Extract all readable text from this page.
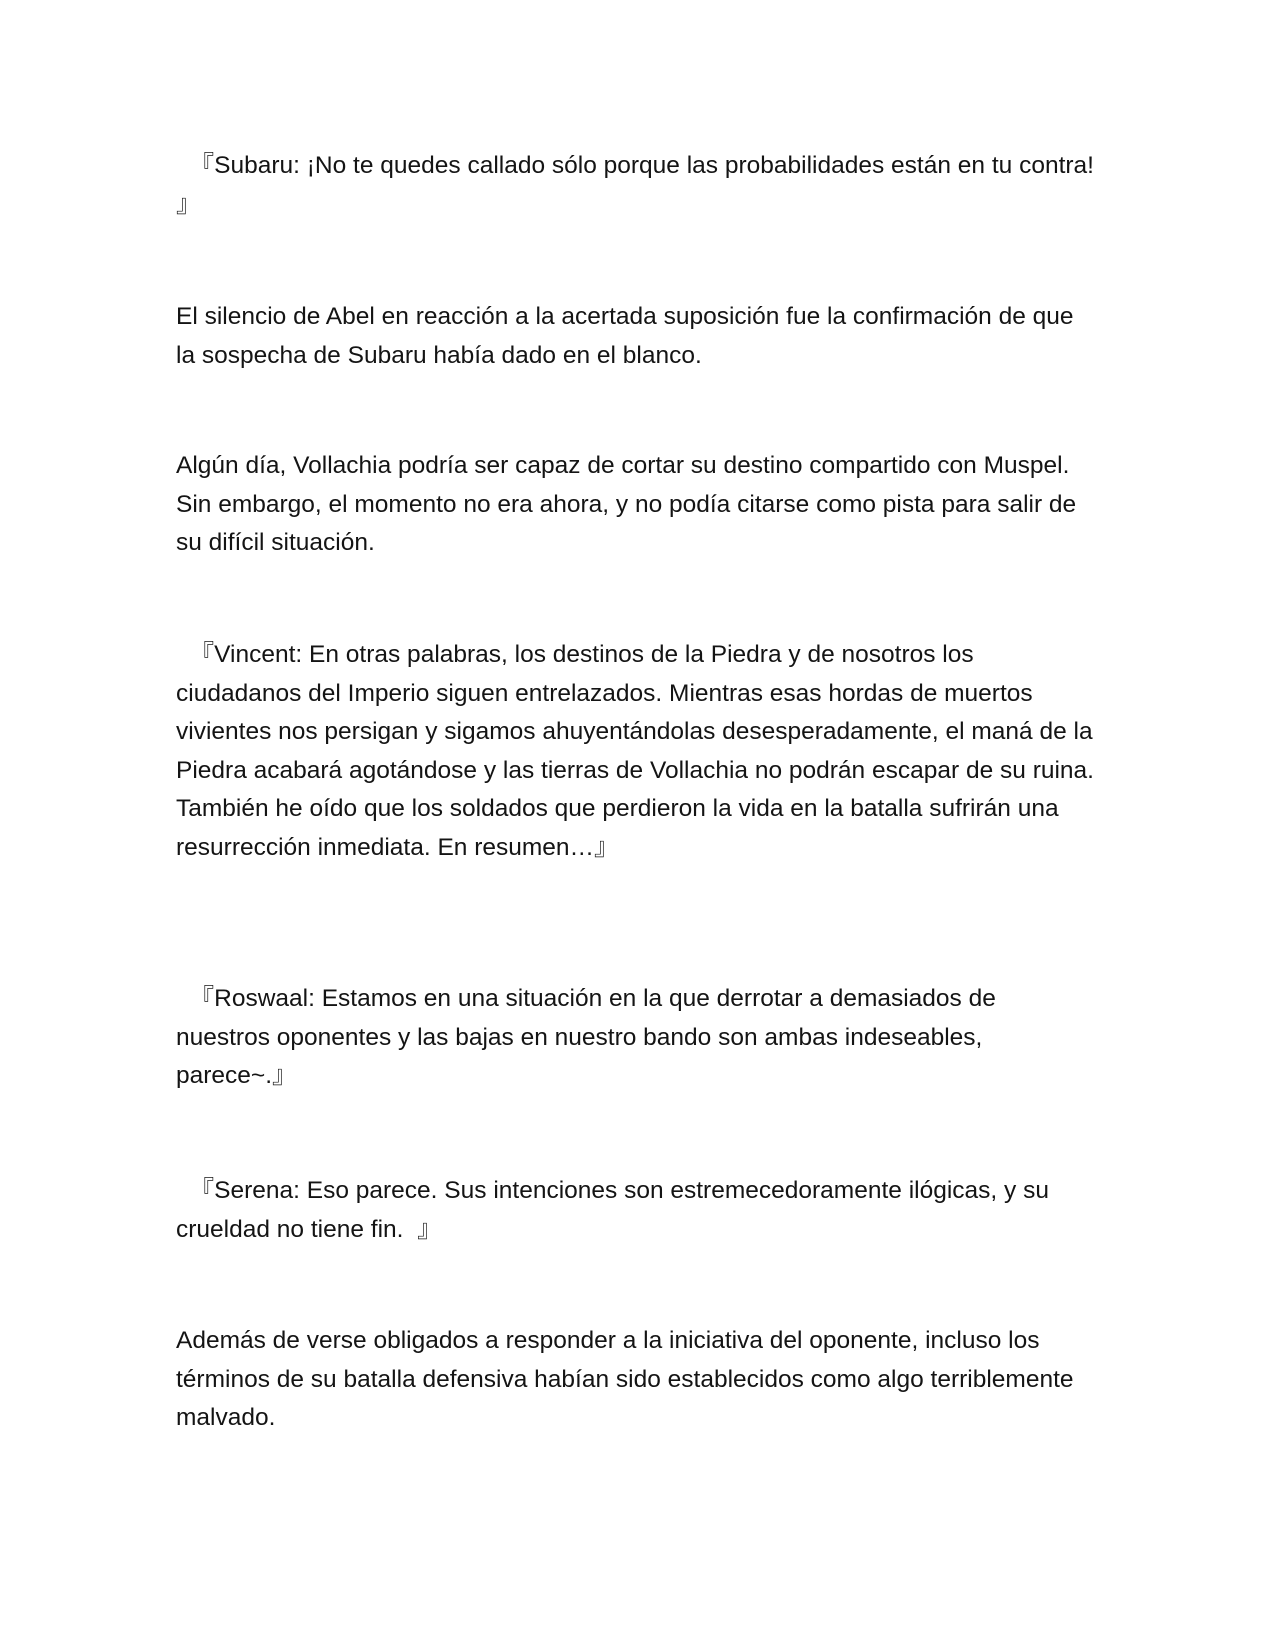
『Subaru: ¡No te quedes callado sólo porque las probabilidades están en tu contra!  』

El silencio de Abel en reacción a la acertada suposición fue la confirmación de que la sospecha de Subaru había dado en el blanco.

Algún día, Vollachia podría ser capaz de cortar su destino compartido con Muspel. Sin embargo, el momento no era ahora, y no podía citarse como pista para salir de su difícil situación.

『Vincent: En otras palabras, los destinos de la Piedra y de nosotros los ciudadanos del Imperio siguen entrelazados. Mientras esas hordas de muertos vivientes nos persigan y sigamos ahuyentándolas desesperadamente, el maná de la Piedra acabará agotándose y las tierras de Vollachia no podrán escapar de su ruina. También he oído que los soldados que perdieron la vida en la batalla sufrirán una resurrección inmediata. En resumen…』

『Roswaal: Estamos en una situación en la que derrotar a demasiados de nuestros oponentes y las bajas en nuestro bando son ambas indeseables, parece~.』

『Serena: Eso parece. Sus intenciones son estremecedoramente ilógicas, y su crueldad no tiene fin.  』

Además de verse obligados a responder a la iniciativa del oponente, incluso los términos de su batalla defensiva habían sido establecidos como algo terriblemente malvado.
